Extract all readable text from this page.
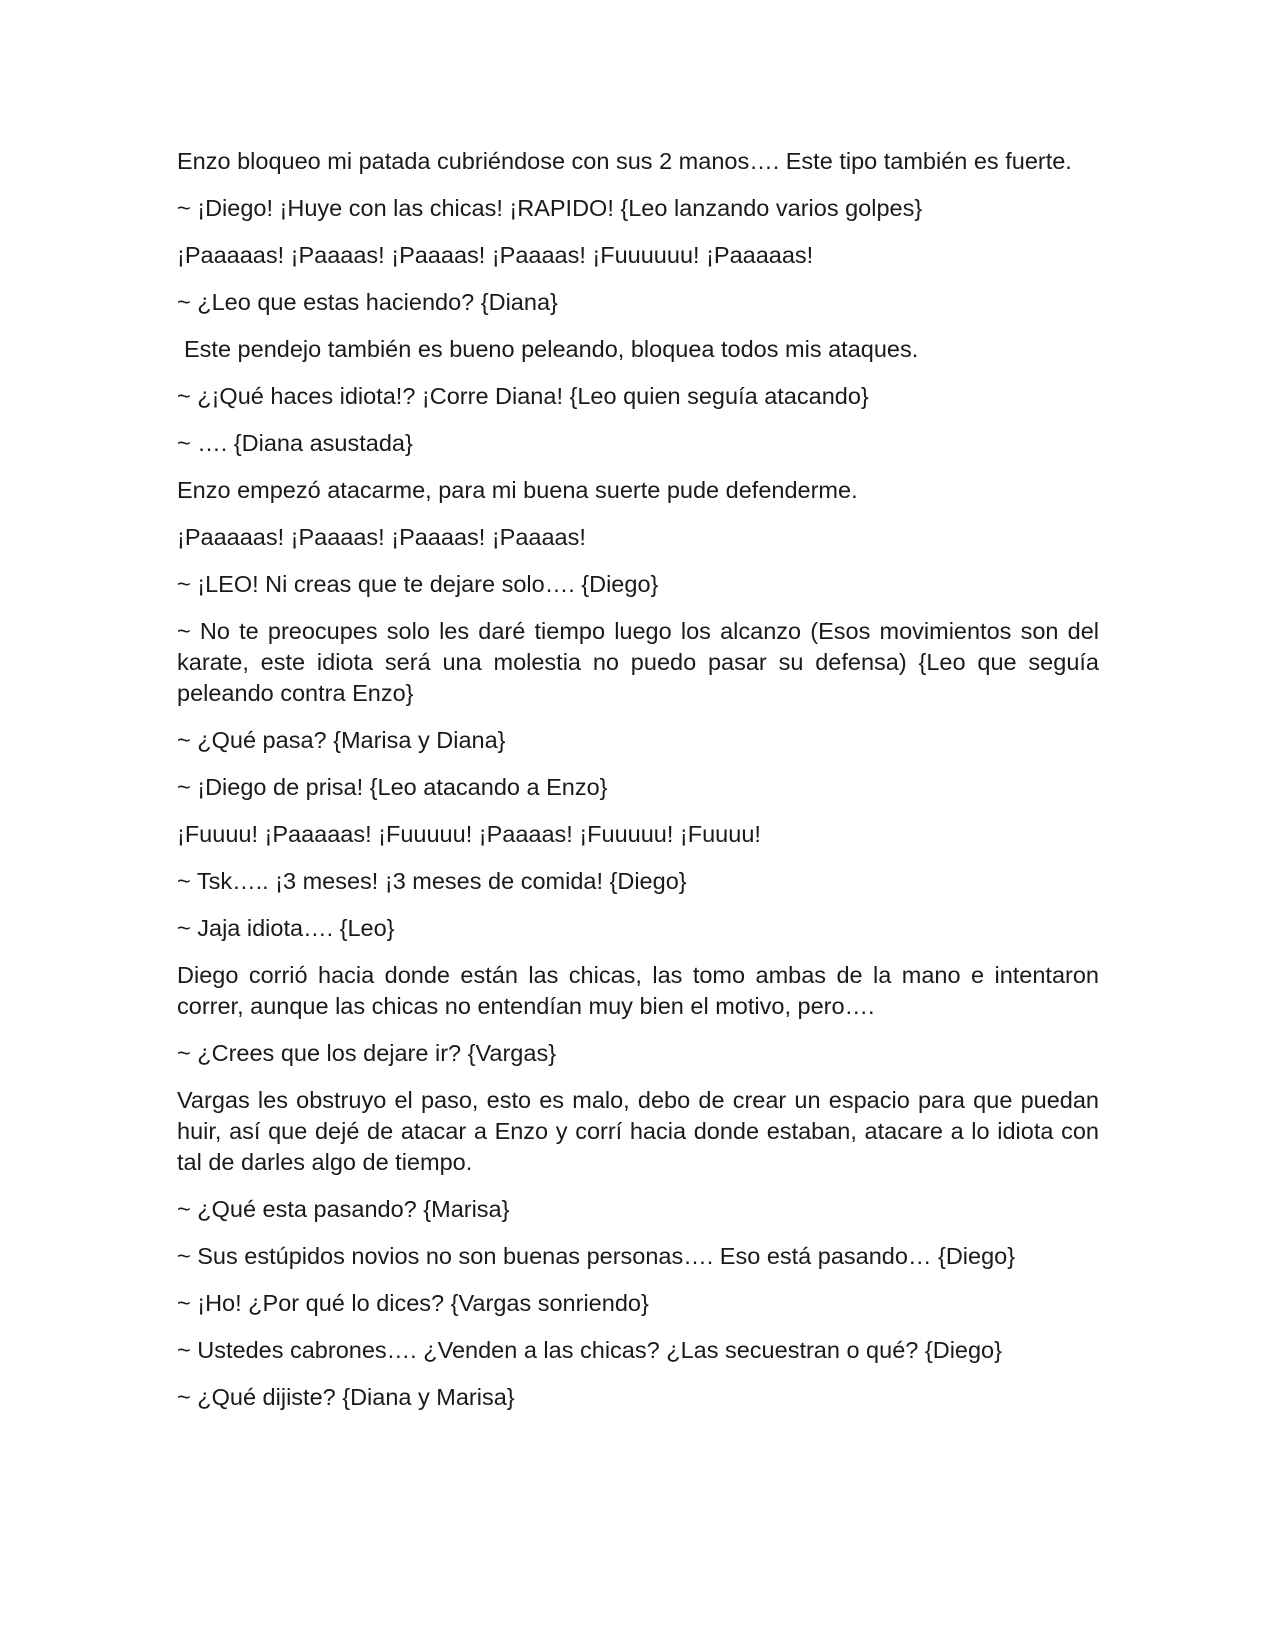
Enzo bloqueo mi patada cubriéndose con sus 2 manos…. Este tipo también es fuerte.

~ ¡Diego! ¡Huye con las chicas! ¡RAPIDO! {Leo lanzando varios golpes}

¡Paaaaas! ¡Paaaas! ¡Paaaas! ¡Paaaas! ¡Fuuuuuu! ¡Paaaaas!

~ ¿Leo que estas haciendo? {Diana}

Este pendejo también es bueno peleando, bloquea todos mis ataques.

~ ¿¡Qué haces idiota!? ¡Corre Diana! {Leo quien seguía atacando}

~ …. {Diana asustada}

Enzo empezó atacarme, para mi buena suerte pude defenderme.

¡Paaaaas! ¡Paaaas! ¡Paaaas! ¡Paaaas!

~ ¡LEO! Ni creas que te dejare solo…. {Diego}

~ No te preocupes solo les daré tiempo luego los alcanzo (Esos movimientos son del karate, este idiota será una molestia no puedo pasar su defensa) {Leo que seguía peleando contra Enzo}

~ ¿Qué pasa? {Marisa y Diana}

~ ¡Diego de prisa! {Leo atacando a Enzo}

¡Fuuuu! ¡Paaaaas! ¡Fuuuuu! ¡Paaaas! ¡Fuuuuu! ¡Fuuuu!

~ Tsk….. ¡3 meses! ¡3 meses de comida! {Diego}

~ Jaja idiota…. {Leo}

Diego corrió hacia donde están las chicas, las tomo ambas de la mano e intentaron correr, aunque las chicas no entendían muy bien el motivo, pero….

~ ¿Crees que los dejare ir? {Vargas}

Vargas les obstruyo el paso, esto es malo, debo de crear un espacio para que puedan huir, así que dejé de atacar a Enzo y corrí hacia donde estaban, atacare a lo idiota con tal de darles algo de tiempo.

~ ¿Qué esta pasando? {Marisa}

~ Sus estúpidos novios no son buenas personas…. Eso está pasando… {Diego}

~ ¡Ho! ¿Por qué lo dices? {Vargas sonriendo}

~ Ustedes cabrones…. ¿Venden a las chicas? ¿Las secuestran o qué? {Diego}

~ ¿Qué dijiste? {Diana y Marisa}
